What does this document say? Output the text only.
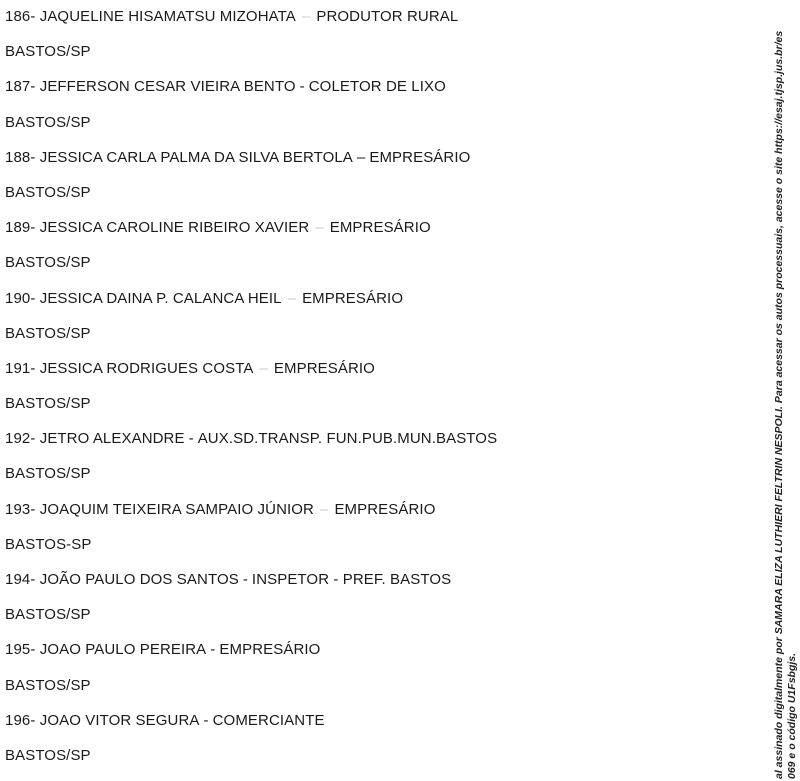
186- JAQUELINE HISAMATSU MIZOHATA – PRODUTOR RURAL
BASTOS/SP
187- JEFFERSON CESAR VIEIRA BENTO - COLETOR DE LIXO
BASTOS/SP
188- JESSICA CARLA PALMA DA SILVA BERTOLA – EMPRESÁRIO
BASTOS/SP
189- JESSICA CAROLINE RIBEIRO XAVIER – EMPRESÁRIO
BASTOS/SP
190- JESSICA DAINA P. CALANCA HEIL – EMPRESÁRIO
BASTOS/SP
191- JESSICA RODRIGUES COSTA – EMPRESÁRIO
BASTOS/SP
192- JETRO ALEXANDRE - AUX.SD.TRANSP. FUN.PUB.MUN.BASTOS
BASTOS/SP
193- JOAQUIM TEIXEIRA SAMPAIO JÚNIOR – EMPRESÁRIO
BASTOS-SP
194- JOÃO PAULO DOS SANTOS - INSPETOR - PREF. BASTOS
BASTOS/SP
195- JOAO PAULO PEREIRA - EMPRESÁRIO
BASTOS/SP
196- JOAO VITOR SEGURA - COMERCIANTE
BASTOS/SP	al assinado digitalmente por SAMARA ELIZA LUTHIERI FELTRIN NESPOLI. Para acessar os autos processuais, acesse o site https://esaj.tjsp.jus.br/es 069 e o código U1Fsbgjs.
